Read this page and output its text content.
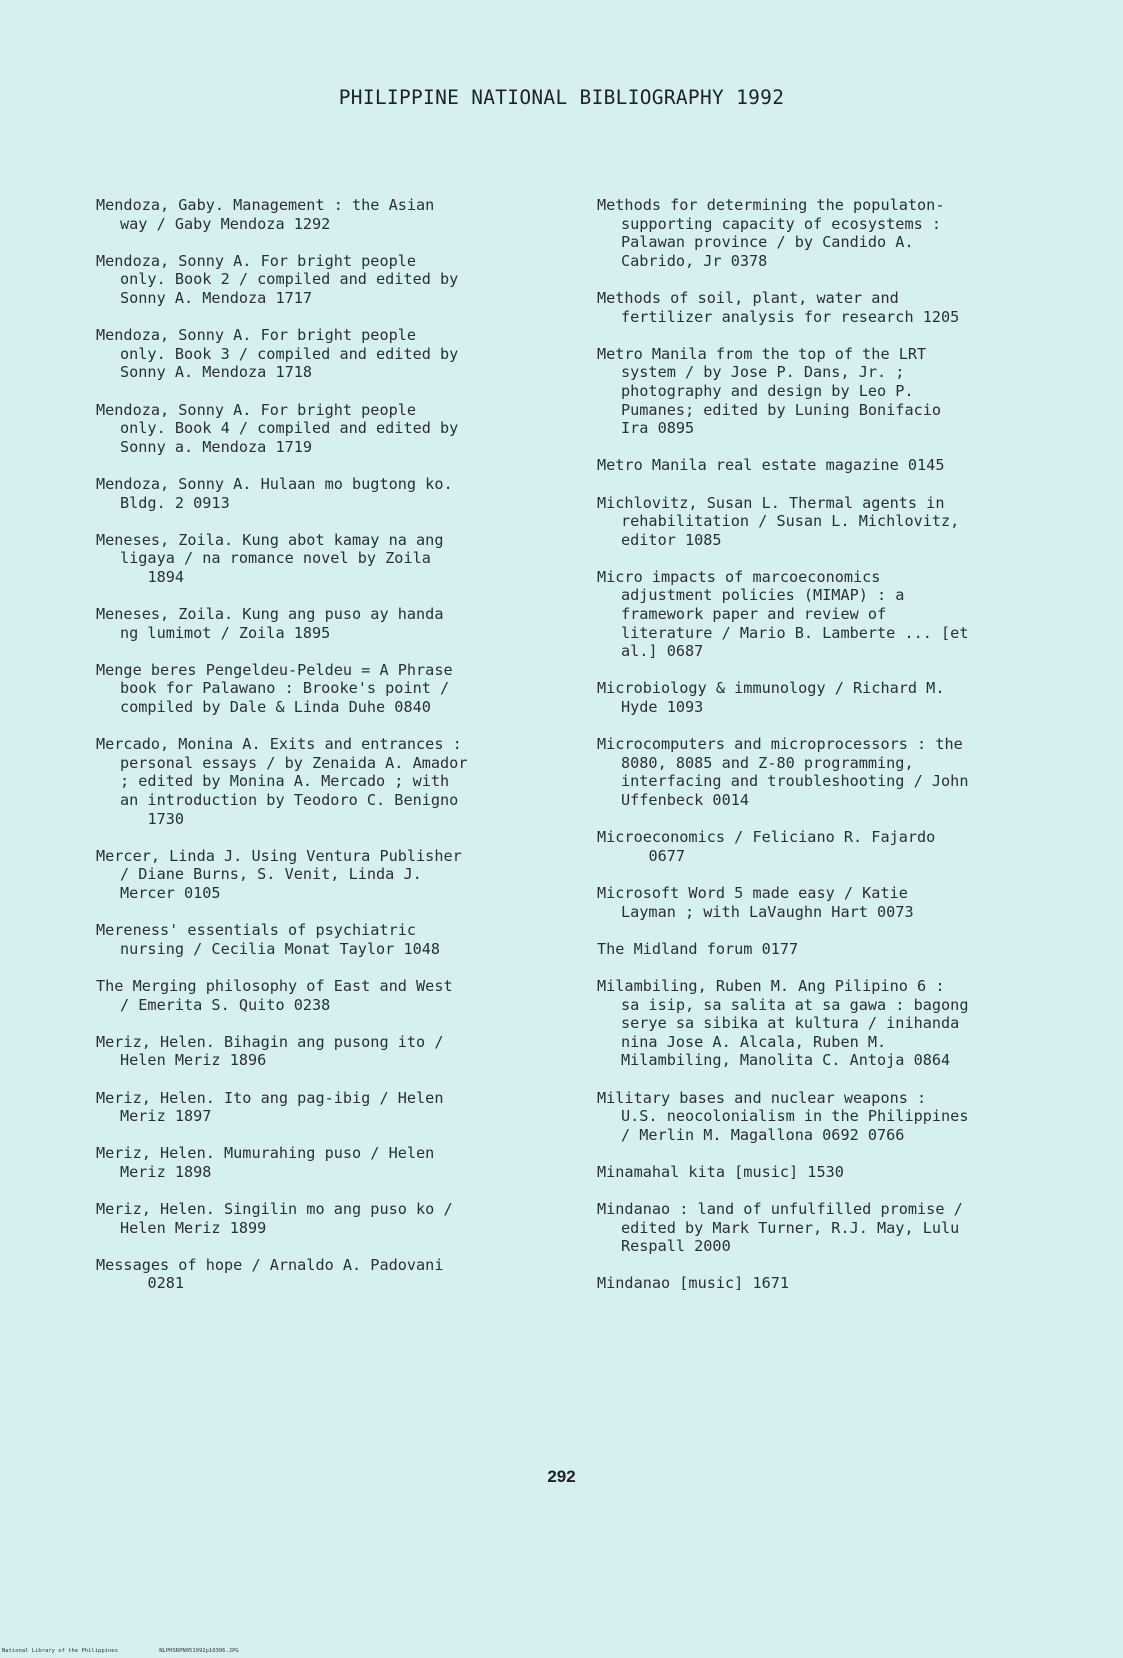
PHILIPPINE NATIONAL BIBLIOGRAPHY 1992
Mendoza, Gaby. Management : the Asian
way / Gaby Mendoza 1292
Mendoza, Sonny A. For bright people
only. Book 2 / compiled and edited by
Sonny A. Mendoza 1717
Mendoza, Sonny A. For bright people
only. Book 3 / compiled and edited by
Sonny A. Mendoza 1718
Mendoza, Sonny A. For bright people
only. Book 4 / compiled and edited by
Sonny a. Mendoza 1719
Mendoza, Sonny A. Hulaan mo bugtong ko.
Bldg. 2 0913
Meneses, Zoila. Kung abot kamay na ang
ligaya / na romance novel by Zoila
1894
Meneses, Zoila. Kung ang puso ay handa
ng lumimot / Zoila 1895
Menge beres Pengeldeu-Peldeu = A Phrase
book for Palawano : Brooke's point /
compiled by Dale & Linda Duhe 0840
Mercado, Monina A. Exits and entrances :
personal essays / by Zenaida A. Amador
; edited by Monina A. Mercado ; with
an introduction by Teodoro C. Benigno
1730
Mercer, Linda J. Using Ventura Publisher
/ Diane Burns, S. Venit, Linda J.
Mercer 0105
Mereness' essentials of psychiatric
nursing / Cecilia Monat Taylor 1048
The Merging philosophy of East and West
/ Emerita S. Quito 0238
Meriz, Helen. Bihagin ang pusong ito /
Helen Meriz 1896
Meriz, Helen. Ito ang pag-ibig / Helen
Meriz 1897
Meriz, Helen. Mumurahing puso / Helen
Meriz 1898
Meriz, Helen. Singilin mo ang puso ko /
Helen Meriz 1899
Messages of hope / Arnaldo A. Padovani
0281
Methods for determining the populaton-
supporting capacity of ecosystems :
Palawan province / by Candido A.
Cabrido, Jr 0378
Methods of soil, plant, water and
fertilizer analysis for research 1205
Metro Manila from the top of the LRT
system / by Jose P. Dans, Jr. ;
photography and design by Leo P.
Pumanes; edited by Luning Bonifacio
Ira 0895
Metro Manila real estate magazine 0145
Michlovitz, Susan L. Thermal agents in
rehabilitation / Susan L. Michlovitz,
editor 1085
Micro impacts of marcoeconomics
adjustment policies (MIMAP) : a
framework paper and review of
literature / Mario B. Lamberte ... [et
al.] 0687
Microbiology & immunology / Richard M.
Hyde 1093
Microcomputers and microprocessors : the
8080, 8085 and Z-80 programming,
interfacing and troubleshooting / John
Uffenbeck 0014
Microeconomics / Feliciano R. Fajardo
0677
Microsoft Word 5 made easy / Katie
Layman ; with LaVaughn Hart 0073
The Midland forum 0177
Milambiling, Ruben M. Ang Pilipino 6 :
sa isip, sa salita at sa gawa : bagong
serye sa sibika at kultura / inihanda
nina Jose A. Alcala, Ruben M.
Milambiling, Manolita C. Antoja 0864
Military bases and nuclear weapons :
U.S. neocolonialism in the Philippines
/ Merlin M. Magallona 0692 0766
Minamahal kita [music] 1530
Mindanao : land of unfulfilled promise /
edited by Mark Turner, R.J. May, Lulu
Respall 2000
Mindanao [music] 1671
292
National Library of the Philippines	NLPHSRPN051992p10306.JPG
